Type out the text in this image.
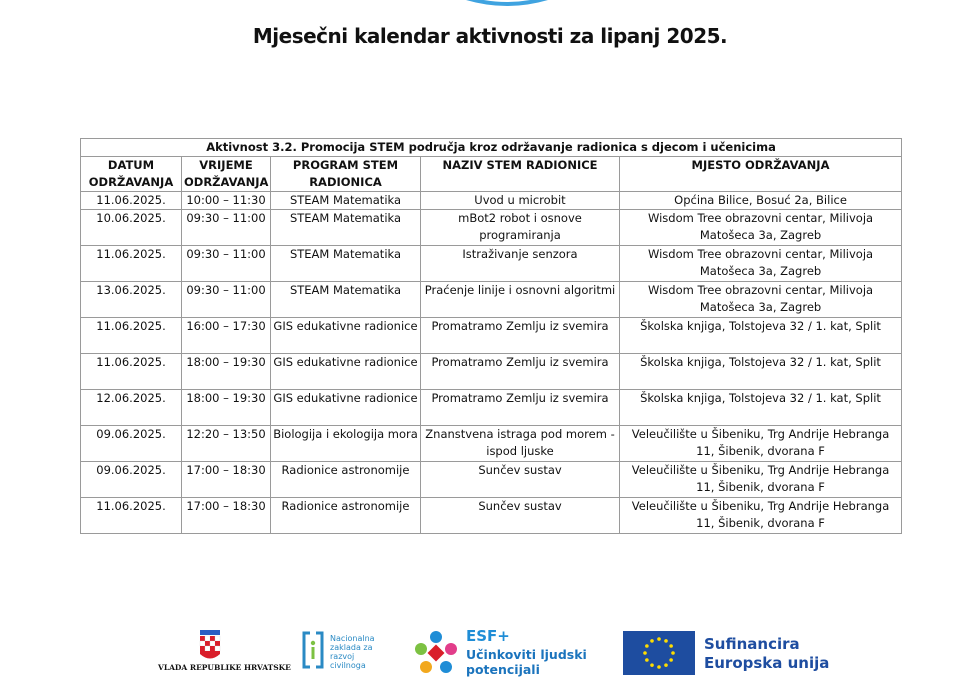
Mjesečni kalendar aktivnosti za lipanj 2025.
Aktivnost 3.2. Promocija STEM područja kroz održavanje radionica s djecom i učenicima				
DATUM ODRŽAVANJA	VRIJEME ODRŽAVANJA	PROGRAM STEM RADIONICA	NAZIV STEM RADIONICE	MJESTO ODRŽAVANJA
11.06.2025.	10:00 – 11:30	STEAM Matematika	Uvod u microbit	Općina Bilice, Bosuć 2a, Bilice
10.06.2025.	09:30 – 11:00	STEAM Matematika	mBot2 robot i osnove programiranja	Wisdom Tree obrazovni centar, Milivoja Matošeca 3a, Zagreb
11.06.2025.	09:30 – 11:00	STEAM Matematika	Istraživanje senzora	Wisdom Tree obrazovni centar, Milivoja Matošeca 3a, Zagreb
13.06.2025.	09:30 – 11:00	STEAM Matematika	Praćenje linije i osnovni algoritmi	Wisdom Tree obrazovni centar, Milivoja Matošeca 3a, Zagreb
11.06.2025.	16:00 – 17:30	GIS edukativne radionice	Promatramo Zemlju iz svemira	Školska knjiga, Tolstojeva 32 / 1. kat, Split
11.06.2025.	18:00 – 19:30	GIS edukativne radionice	Promatramo Zemlju iz svemira	Školska knjiga, Tolstojeva 32 / 1. kat, Split
12.06.2025.	18:00 – 19:30	GIS edukativne radionice	Promatramo Zemlju iz svemira	Školska knjiga, Tolstojeva 32 / 1. kat, Split
09.06.2025.	12:20 – 13:50	Biologija i ekologija mora	Znanstvena istraga pod morem - ispod ljuske	Veleučilište u Šibeniku, Trg Andrije Hebranga 11, Šibenik, dvorana F
09.06.2025.	17:00 – 18:30	Radionice astronomije	Sunčev sustav	Veleučilište u Šibeniku, Trg Andrije Hebranga 11, Šibenik, dvorana F
11.06.2025.	17:00 – 18:30	Radionice astronomije	Sunčev sustav	Veleučilište u Šibeniku, Trg Andrije Hebranga 11, Šibenik, dvorana F
VLADA REPUBLIKE HRVATSKE
Nacionalna
zaklada za
razvoj
civilnoga
ESF+
Učinkoviti ljudski
potencijali
Sufinancira
Europska unija
